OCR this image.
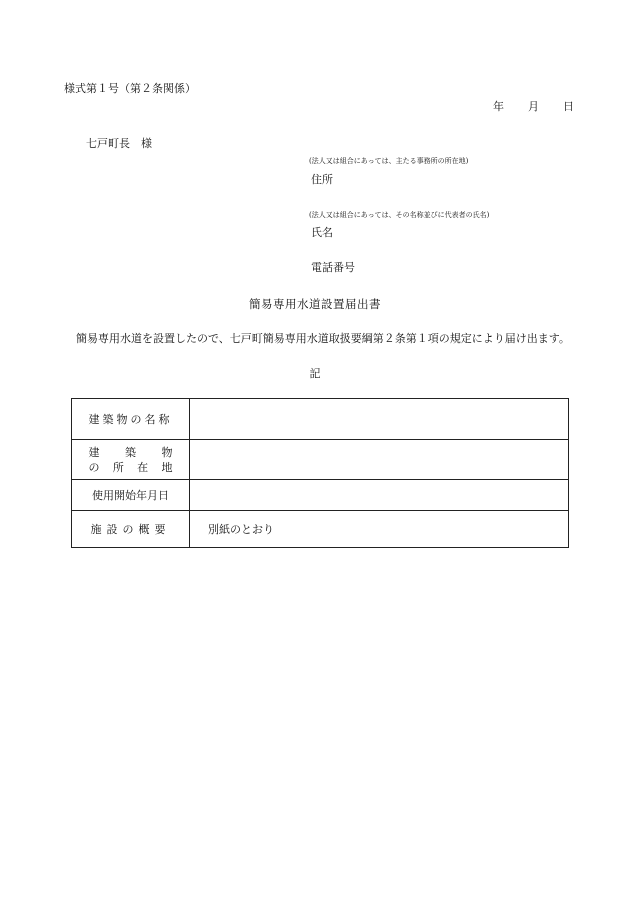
様式第１号（第２条関係）
年 月 日
七戸町長　様
(法人又は組合にあっては、主たる事務所の所在地)
住所
(法人又は組合にあっては、その名称並びに代表者の氏名)
氏名
電話番号
簡易専用水道設置届出書
簡易専用水道を設置したので、七戸町簡易専用水道取扱要綱第２条第１項の規定により届け出ます。
記
建築物の名称	

建　　築　　物
の　所　在　地	

使用開始年月日	
施設の概要	別紙のとおり
